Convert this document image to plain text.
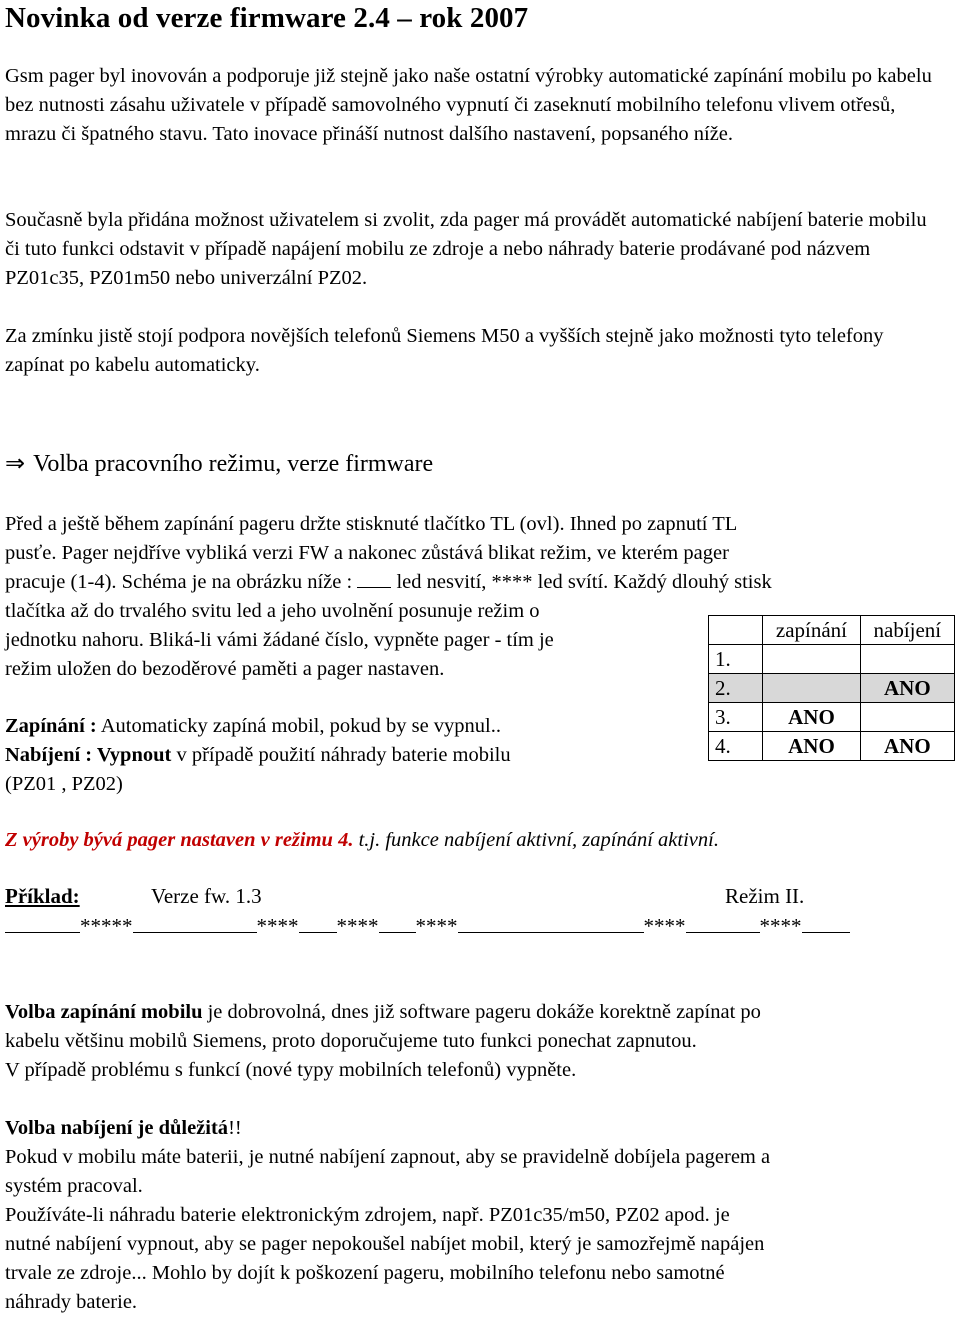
Novinka od verze firmware 2.4 – rok 2007
Gsm pager byl inovován a podporuje již stejně jako naše ostatní výrobky automatické zapínání mobilu po kabelu bez nutnosti zásahu uživatele v případě samovolného vypnutí či zaseknutí mobilního telefonu vlivem otřesů, mrazu či špatného stavu. Tato inovace přináší nutnost dalšího nastavení, popsaného níže.
Současně byla přidána možnost uživatelem si zvolit, zda pager má provádět automatické nabíjení baterie mobilu či tuto funkci odstavit v případě napájení mobilu ze zdroje a nebo náhrady baterie prodávané pod názvem PZ01c35, PZ01m50 nebo univerzální PZ02.
Za zmínku jistě stojí podpora novějších telefonů Siemens M50 a vyšších stejně jako možnosti tyto telefony zapínat po kabelu automaticky.
⇒ Volba pracovního režimu, verze firmware
Před a ještě během zapínání pageru držte stisknuté tlačítko TL (ovl). Ihned po zapnutí TL
pusťe. Pager nejdříve vybliká verzi FW a nakonec zůstává blikat režim, ve kterém pager
pracuje (1-4). Schéma je na obrázku níže :  led nesvití, **** led svítí. Každý dlouhý stisk
tlačítka až do trvalého svitu led a jeho uvolnění posunuje režim o
jednotku nahoru. Bliká-li vámi žádané číslo, vypněte pager - tím je
režim uložen do bezoděrové paměti a pager nastaven.
Zapínání : Automaticky zapíná mobil, pokud by se vypnul..
Nabíjení : Vypnout v případě použití náhrady baterie mobilu
(PZ01 , PZ02)
	zapínání	nabíjení
1.		
2.		ANO
3.	ANO	
4.	ANO	ANO
Z výroby bývá pager nastaven v režimu 4. t.j. funkce nabíjení aktivní, zapínání aktivní.
Příklad:	Verze fw. 1.3	Režim II.
*****	**** **** ****	****	****
Volba zapínání mobilu je dobrovolná, dnes již software pageru dokáže korektně zapínat po
kabelu většinu mobilů Siemens, proto doporučujeme tuto funkci ponechat zapnutou.
V případě problému s funkcí (nové typy mobilních telefonů) vypněte.
Volba nabíjení je důležitá!!
Pokud v mobilu máte baterii, je nutné nabíjení zapnout, aby se pravidelně dobíjela pagerem a
systém pracoval.
Používáte-li náhradu baterie elektronickým zdrojem, např. PZ01c35/m50, PZ02 apod. je
nutné nabíjení vypnout, aby se pager nepokoušel nabíjet mobil, který je samozřejmě napájen
trvale ze zdroje... Mohlo by dojít k poškození pageru, mobilního telefonu nebo samotné
náhrady baterie.
